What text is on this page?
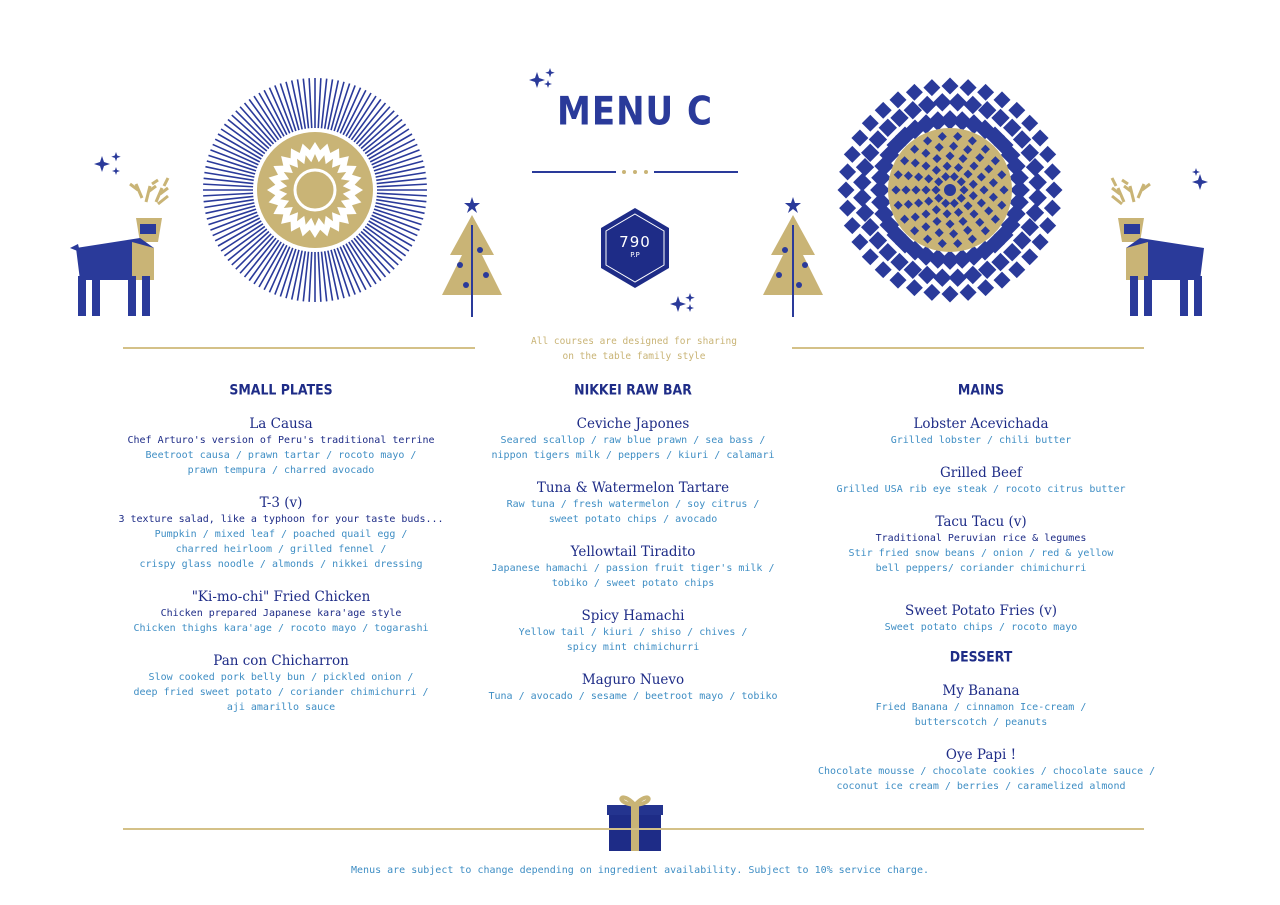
MENU C
790
P.P
All courses are designed for sharing
on the table family style
SMALL PLATES
La Causa
Chef Arturo's version of Peru's traditional terrine
Beetroot causa / prawn tartar / rocoto mayo /
prawn tempura / charred avocado
T-3 (v)
3 texture salad, like a typhoon for your taste buds...
Pumpkin / mixed leaf / poached quail egg /
charred heirloom / grilled fennel /
crispy glass noodle / almonds / nikkei dressing
"Ki-mo-chi" Fried Chicken
Chicken prepared Japanese kara'age style
Chicken thighs kara'age / rocoto mayo / togarashi
Pan con Chicharron
Slow cooked pork belly bun / pickled onion /
deep fried sweet potato / coriander chimichurri /
aji amarillo sauce
NIKKEI RAW BAR
Ceviche Japones
Seared scallop / raw blue prawn / sea bass /
nippon tigers milk / peppers / kiuri / calamari
Tuna & Watermelon Tartare
Raw tuna / fresh watermelon / soy citrus /
sweet potato chips / avocado
Yellowtail Tiradito
Japanese hamachi / passion fruit tiger's milk /
tobiko / sweet potato chips
Spicy Hamachi
Yellow tail / kiuri / shiso / chives /
spicy mint chimichurri
Maguro Nuevo
Tuna / avocado / sesame / beetroot mayo / tobiko
MAINS
Lobster Acevichada
Grilled lobster / chili butter
Grilled Beef
Grilled USA rib eye steak / rocoto citrus butter
Tacu Tacu (v)
Traditional Peruvian rice & legumes
Stir fried snow beans / onion / red & yellow
bell peppers/ coriander chimichurri
Sweet Potato Fries (v)
Sweet potato chips / rocoto mayo
DESSERT
My Banana
Fried Banana / cinnamon Ice-cream /
butterscotch / peanuts
Oye Papi !
Chocolate mousse / chocolate cookies / chocolate sauce /
coconut ice cream / berries / caramelized almond
Menus are subject to change depending on ingredient availability. Subject to 10% service charge.
